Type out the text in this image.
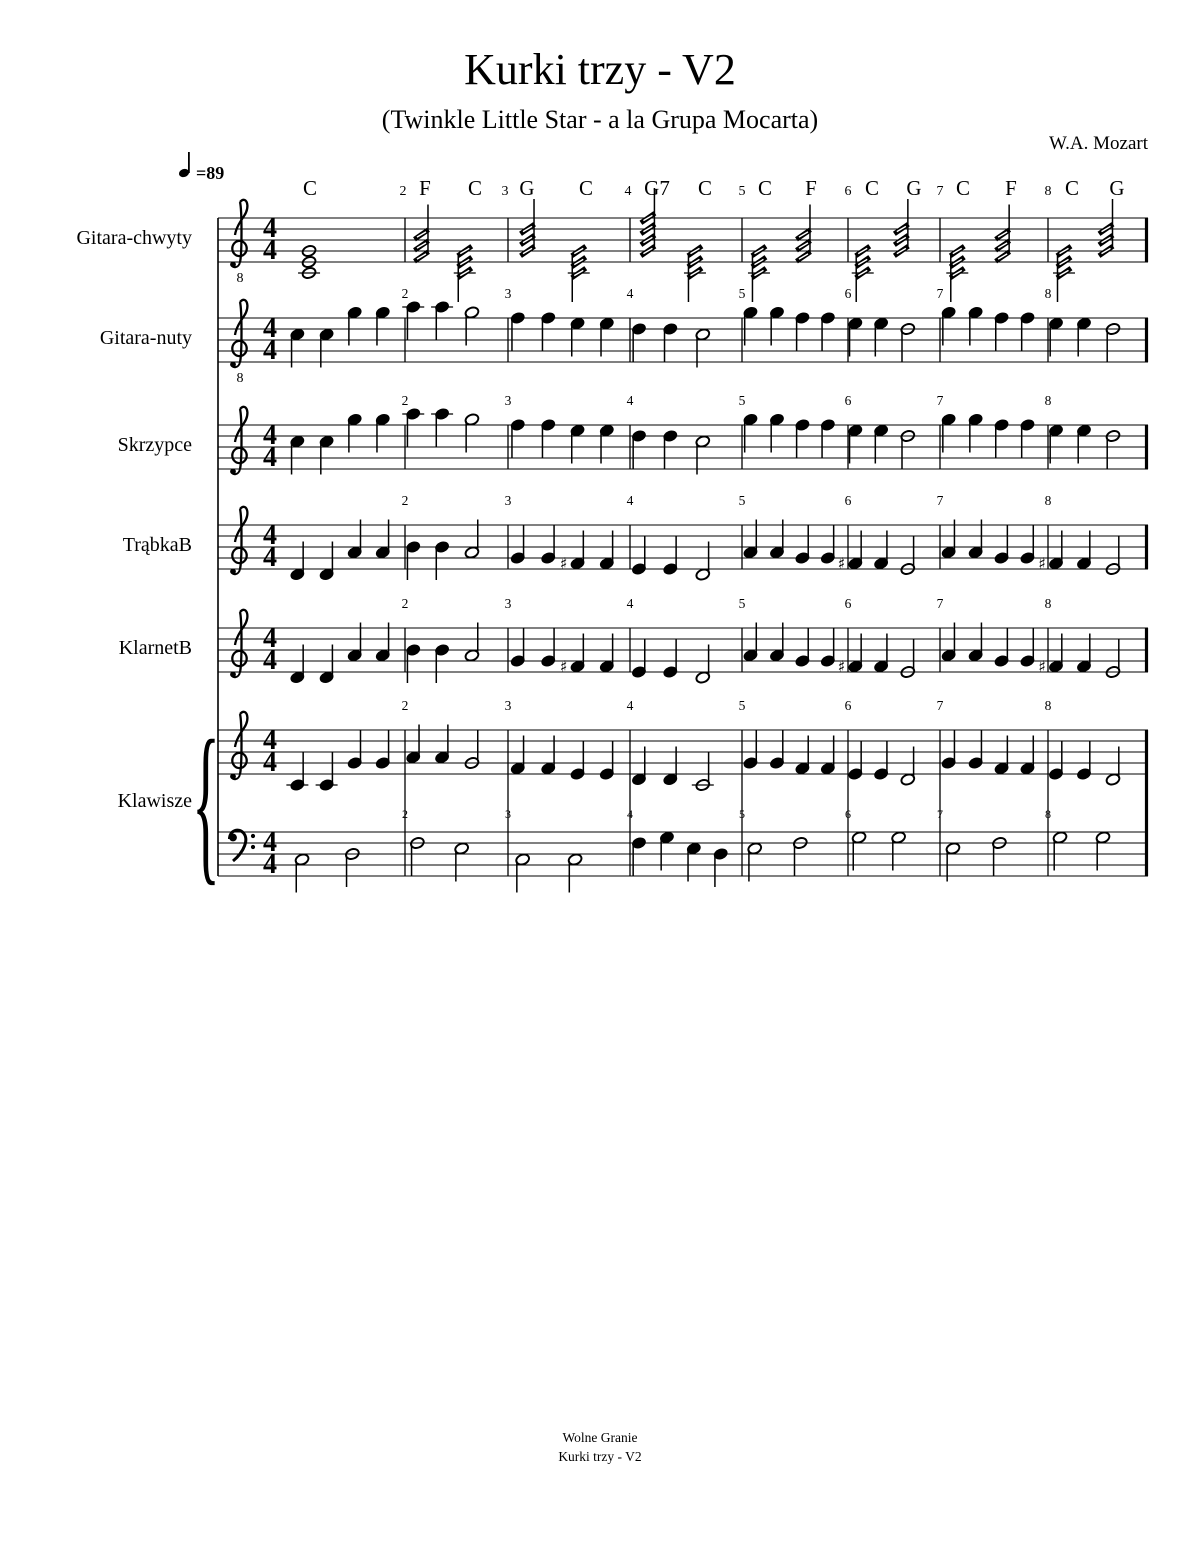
8
4
4
8
4
4
2	3	4	5	6	7	8
4
4
2	3	4	5	6	7	8
4
4
2	3	4	5	6	7	8
♯	♯	♯
4
4
2	3	4	5	6	7	8
♯	♯	♯
4
4
2	3	4	5	6	7	8
4
4
2	3	4	5	6	7	8
{
=89
Kurki trzy - V2
(Twinkle Little Star - a la Grupa Mocarta)
W.A. Mozart
C	2 F C 3 G C 4 G7 C 5 C F 6 C G 7 C F 8 C G
Gitara-chwyty
Gitara-nuty
Skrzypce
TrąbkaB
KlarnetB
Klawisze
Wolne Granie
Kurki trzy - V2
